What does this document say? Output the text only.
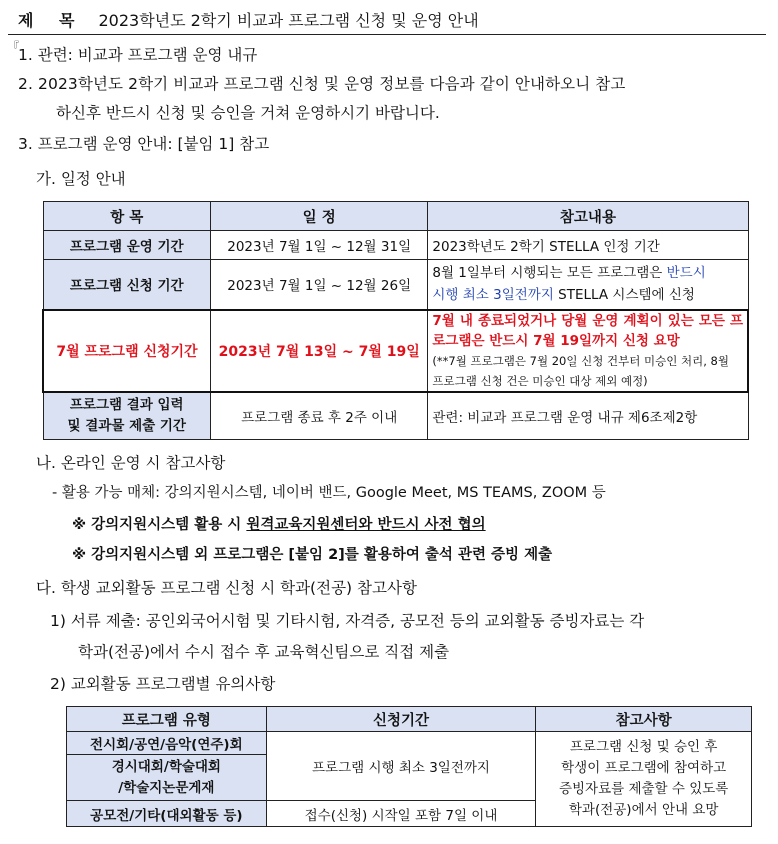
제 목 2023학년도 2학기 비교과 프로그램 신청 및 운영 안내
『 1. 관련: 비교과 프로그램 운영 내규
2. 2023학년도 2학기 비교과 프로그램 신청 및 운영 정보를 다음과 같이 안내하오니 참고
하신후 반드시 신청 및 승인을 거쳐 운영하시기 바랍니다.
3. 프로그램 운영 안내: [붙임 1] 참고
가. 일정 안내
항 목	일 정	참고내용
프로그램 운영 기간	2023년 7월 1일 ~ 12월 31일	2023학년도 2학기 STELLA 인정 기간
프로그램 신청 기간	2023년 7월 1일 ~ 12월 26일	8월 1일부터 시행되는 모든 프로그램은 반드시
시행 최소 3일전까지 STELLA 시스템에 신청
7월 프로그램 신청기간	2023년 7월 13일 ~ 7월 19일	7월 내 종료되었거나 당월 운영 계획이 있는 모든 프로그램은 반드시 7월 19일까지 신청 요망
(**7월 프로그램은 7월 20일 신청 건부터 미승인 처리, 8월 프로그램 신청 건은 미승인 대상 제외 예정)

프로그램 결과 입력
및 결과물 제출 기간	프로그램 종료 후 2주 이내	관련: 비교과 프로그램 운영 내규 제6조제2항
나. 온라인 운영 시 참고사항
- 활용 가능 매체: 강의지원시스템, 네이버 밴드, Google Meet, MS TEAMS, ZOOM 등
※ 강의지원시스템 활용 시 원격교육지원센터와 반드시 사전 협의
※ 강의지원시스템 외 프로그램은 [붙임 2]를 활용하여 출석 관련 증빙 제출
다. 학생 교외활동 프로그램 신청 시 학과(전공) 참고사항
1) 서류 제출: 공인외국어시험 및 기타시험, 자격증, 공모전 등의 교외활동 증빙자료는 각
학과(전공)에서 수시 접수 후 교육혁신팀으로 직접 제출
2) 교외활동 프로그램별 유의사항
프로그램 유형	신청기간	참고사항
전시회/공연/음악(연주)회	프로그램 시행 최소 3일전까지	프로그램 신청 및 승인 후
학생이 프로그램에 참여하고
증빙자료를 제출할 수 있도록
학과(전공)에서 안내 요망

경시대회/학술대회
/학술지논문게재		
공모전/기타(대외활동 등)	접수(신청) 시작일 포함 7일 이내	
